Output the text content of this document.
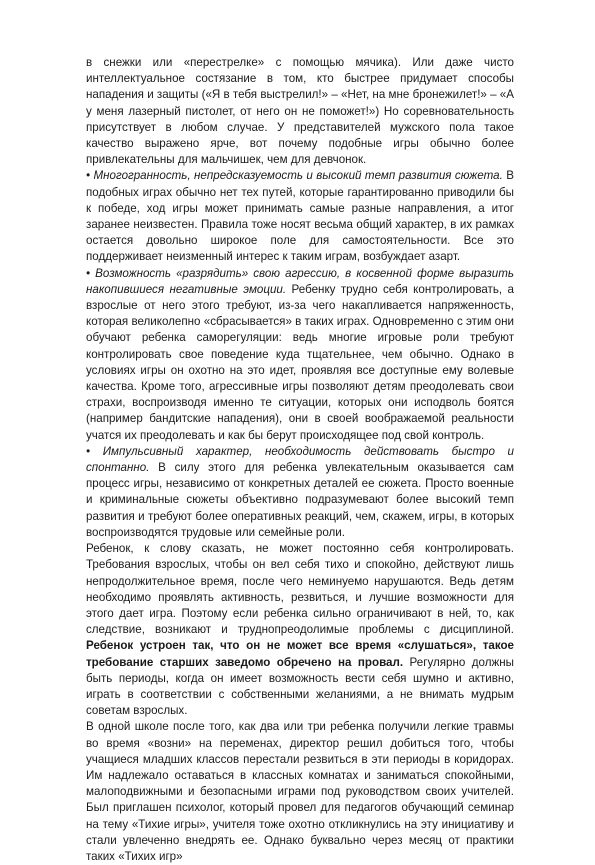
в снежки или «перестрелке» с помощью мячика). Или даже чисто интеллектуальное состязание в том, кто быстрее придумает способы нападения и защиты («Я в тебя выстрелил!» – «Нет, на мне бронежилет!» – «А у меня лазерный пистолет, от него он не поможет!») Но соревновательность присутствует в любом случае. У представителей мужского пола такое качество выражено ярче, вот почему подобные игры обычно более привлекательны для мальчишек, чем для девчонок.

• Многогранность, непредсказуемость и высокий темп развития сюжета. В подобных играх обычно нет тех путей, которые гарантированно приводили бы к победе, ход игры может принимать самые разные направления, а итог заранее неизвестен. Правила тоже носят весьма общий характер, в их рамках остается довольно широкое поле для самостоятельности. Все это поддерживает неизменный интерес к таким играм, возбуждает азарт.

• Возможность «разрядить» свою агрессию, в косвенной форме выразить накопившиеся негативные эмоции. Ребенку трудно себя контролировать, а взрослые от него этого требуют, из-за чего накапливается напряженность, которая великолепно «сбрасывается» в таких играх. Одновременно с этим они обучают ребенка саморегуляции: ведь многие игровые роли требуют контролировать свое поведение куда тщательнее, чем обычно. Однако в условиях игры он охотно на это идет, проявляя все доступные ему волевые качества. Кроме того, агрессивные игры позволяют детям преодолевать свои страхи, воспроизводя именно те ситуации, которых они исподволь боятся (например бандитские нападения), они в своей воображаемой реальности учатся их преодолевать и как бы берут происходящее под свой контроль.

• Импульсивный характер, необходимость действовать быстро и спонтанно. В силу этого для ребенка увлекательным оказывается сам процесс игры, независимо от конкретных деталей ее сюжета. Просто военные и криминальные сюжеты объективно подразумевают более высокий темп развития и требуют более оперативных реакций, чем, скажем, игры, в которых воспроизводятся трудовые или семейные роли.

Ребенок, к слову сказать, не может постоянно себя контролировать. Требования взрослых, чтобы он вел себя тихо и спокойно, действуют лишь непродолжительное время, после чего неминуемо нарушаются. Ведь детям необходимо проявлять активность, резвиться, и лучшие возможности для этого дает игра. Поэтому если ребенка сильно ограничивают в ней, то, как следствие, возникают и труднопреодолимые проблемы с дисциплиной. Ребенок устроен так, что он не может все время «слушаться», такое требование старших заведомо обречено на провал. Регулярно должны быть периоды, когда он имеет возможность вести себя шумно и активно, играть в соответствии с собственными желаниями, а не внимать мудрым советам взрослых.

В одной школе после того, как два или три ребенка получили легкие травмы во время «возни» на переменах, директор решил добиться того, чтобы учащиеся младших классов перестали резвиться в эти периоды в коридорах. Им надлежало оставаться в классных комнатах и заниматься спокойными, малоподвижными и безопасными играми под руководством своих учителей. Был приглашен психолог, который провел для педагогов обучающий семинар на тему «Тихие игры», учителя тоже охотно откликнулись на эту инициативу и стали увлеченно внедрять ее. Однако буквально через месяц от практики таких «Тихих игр»
